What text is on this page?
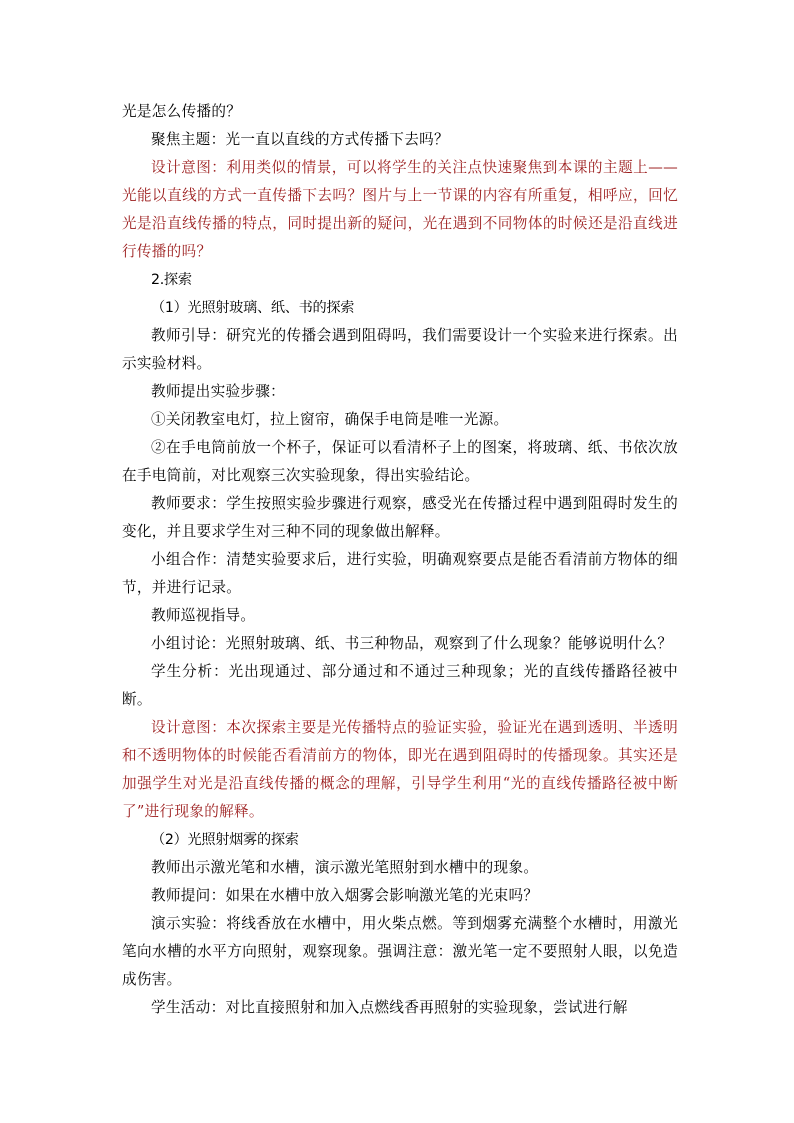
光是怎么传播的？

聚焦主题：光一直以直线的方式传播下去吗？

设计意图：利用类似的情景，可以将学生的关注点快速聚焦到本课的主题上——光能以直线的方式一直传播下去吗？图片与上一节课的内容有所重复，相呼应，回忆光是沿直线传播的特点，同时提出新的疑问，光在遇到不同物体的时候还是沿直线进行传播的吗？

2.探索

（1）光照射玻璃、纸、书的探索

教师引导：研究光的传播会遇到阻碍吗，我们需要设计一个实验来进行探索。出示实验材料。

教师提出实验步骤：

①关闭教室电灯，拉上窗帘，确保手电筒是唯一光源。

②在手电筒前放一个杯子，保证可以看清杯子上的图案，将玻璃、纸、书依次放在手电筒前，对比观察三次实验现象，得出实验结论。

教师要求：学生按照实验步骤进行观察，感受光在传播过程中遇到阻碍时发生的变化，并且要求学生对三种不同的现象做出解释。

小组合作：清楚实验要求后，进行实验，明确观察要点是能否看清前方物体的细节，并进行记录。

教师巡视指导。

小组讨论：光照射玻璃、纸、书三种物品，观察到了什么现象？能够说明什么？

学生分析：光出现通过、部分通过和不通过三种现象；光的直线传播路径被中断。

设计意图：本次探索主要是光传播特点的验证实验，验证光在遇到透明、半透明和不透明物体的时候能否看清前方的物体，即光在遇到阻碍时的传播现象。其实还是加强学生对光是沿直线传播的概念的理解，引导学生利用“光的直线传播路径被中断了”进行现象的解释。

（2）光照射烟雾的探索

教师出示激光笔和水槽，演示激光笔照射到水槽中的现象。

教师提问：如果在水槽中放入烟雾会影响激光笔的光束吗？

演示实验：将线香放在水槽中，用火柴点燃。等到烟雾充满整个水槽时，用激光笔向水槽的水平方向照射，观察现象。强调注意：激光笔一定不要照射人眼，以免造成伤害。

学生活动：对比直接照射和加入点燃线香再照射的实验现象，尝试进行解
